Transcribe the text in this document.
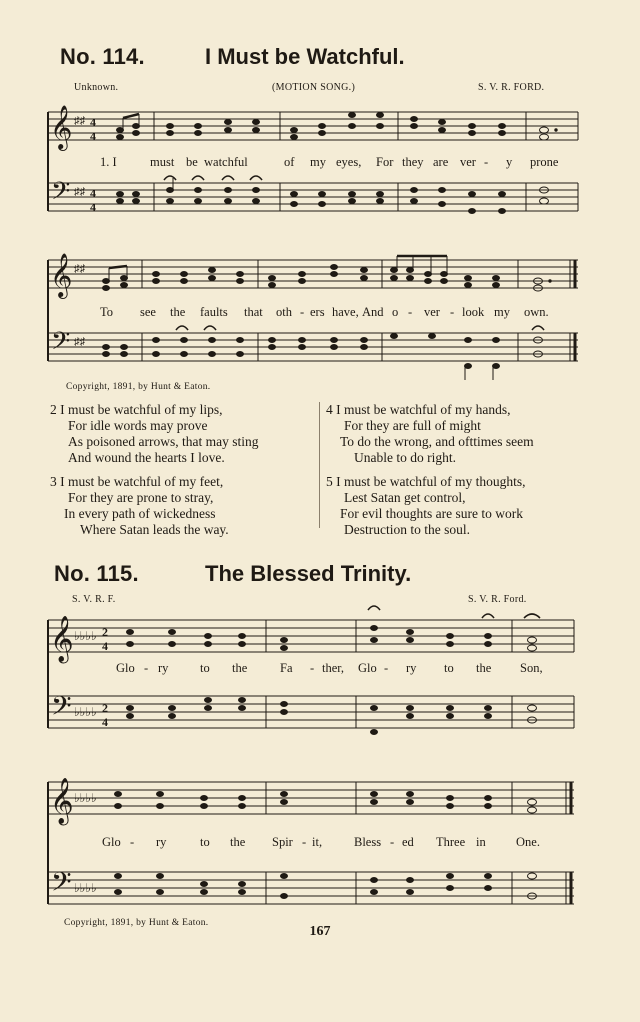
No. 114.	I Must be Watchful.
Unknown.	(MOTION SONG.)	S. V. R. FORD.
𝄞
𝄢
♯♯
♯♯
4
4
4
4
1. I	must be watchful	of my eyes, For they are ver - y prone
𝄞
𝄢
♯♯
♯♯
To see the faults that oth - ers have, And o - ver - look my own.
Copyright, 1891, by Hunt & Eaton.
2 I must be watchful of my lips,
For idle words may prove
As poisoned arrows, that may sting
And wound the hearts I love.
3 I must be watchful of my feet,
For they are prone to stray,
In every path of wickedness
Where Satan leads the way.
4 I must be watchful of my hands,
For they are full of might
To do the wrong, and ofttimes seem
Unable to do right.
5 I must be watchful of my thoughts,
Lest Satan get control,
For evil thoughts are sure to work
Destruction to the soul.
No. 115.	The Blessed Trinity.
S. V. R. F.	S. V. R. Ford.
𝄞
𝄢
♭♭♭♭
♭♭♭♭
2
4
2
4
Glo - ry	to the	Fa - ther, Glo - ry to the Son,
𝄞
𝄢
♭♭♭♭
♭♭♭♭
Glo - ry	to the Spir - it,	Bless - ed Three in One.
Copyright, 1891, by Hunt & Eaton.
167
